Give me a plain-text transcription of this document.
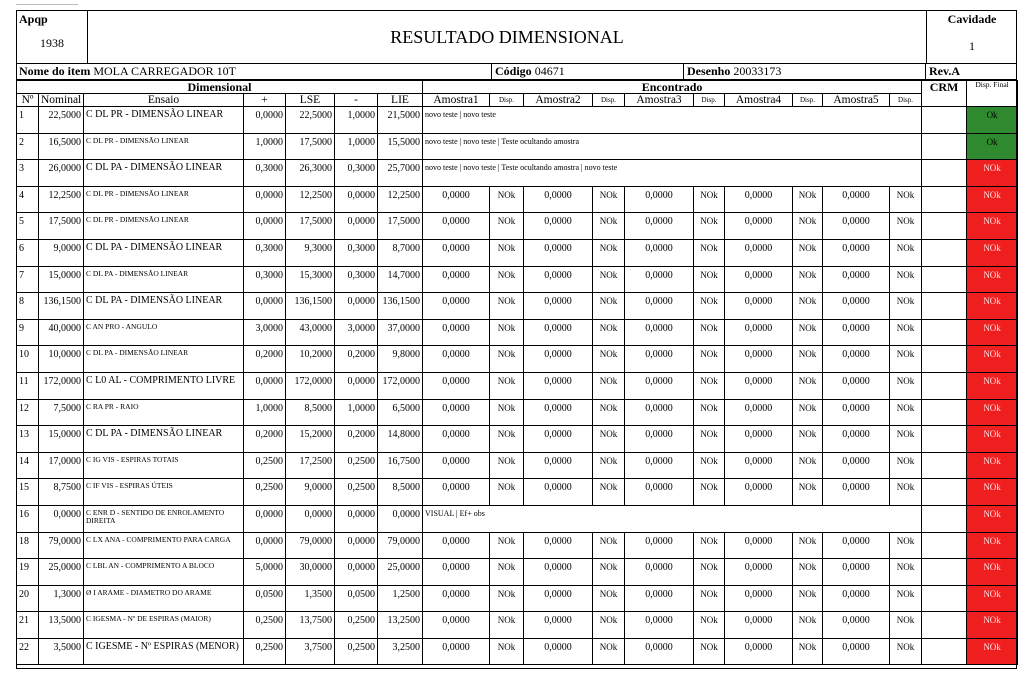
Apqp
1938	RESULTADO DIMENSIONAL
Cavidade
1
Nome do item MOLA CARREGADOR 10T	Código 04671	Desenho 20033173	Rev.A
Dimensional							Encontrado										CRM	Disp. Final
Nº	Nominal	Ensaio	+	LSE	-	LIE	Amostra1	Disp.	Amostra2	Disp.	Amostra3	Disp.	Amostra4	Disp.	Amostra5	Disp.		
1	22,5000	C DL PR - DIMENSÃO LINEAR	0,0000	22,5000	1,0000	21,5000	novo teste | novo teste											Ok
2	16,5000	C DL PR - DIMENSÃO LINEAR	1,0000	17,5000	1,0000	15,5000	novo teste | novo teste | Teste ocultando amostra											Ok
3	26,0000	C DL PA - DIMENSÃO LINEAR	0,3000	26,3000	0,3000	25,7000	novo teste | novo teste | Teste ocultando amostra | novo teste											NOk
4	12,2500	C DL PR - DIMENSÃO LINEAR	0,0000	12,2500	0,0000	12,2500	0,0000	NOk	0,0000	NOk	0,0000	NOk	0,0000	NOk	0,0000	NOk		NOk
5	17,5000	C DL PR - DIMENSÃO LINEAR	0,0000	17,5000	0,0000	17,5000	0,0000	NOk	0,0000	NOk	0,0000	NOk	0,0000	NOk	0,0000	NOk		NOk
6	9,0000	C DL PA - DIMENSÃO LINEAR	0,3000	9,3000	0,3000	8,7000	0,0000	NOk	0,0000	NOk	0,0000	NOk	0,0000	NOk	0,0000	NOk		NOk
7	15,0000	C DL PA - DIMENSÃO LINEAR	0,3000	15,3000	0,3000	14,7000	0,0000	NOk	0,0000	NOk	0,0000	NOk	0,0000	NOk	0,0000	NOk		NOk
8	136,1500	C DL PA - DIMENSÃO LINEAR	0,0000	136,1500	0,0000	136,1500	0,0000	NOk	0,0000	NOk	0,0000	NOk	0,0000	NOk	0,0000	NOk		NOk
9	40,0000	C AN PRO - ANGULO	3,0000	43,0000	3,0000	37,0000	0,0000	NOk	0,0000	NOk	0,0000	NOk	0,0000	NOk	0,0000	NOk		NOk
10	10,0000	C DL PA - DIMENSÃO LINEAR	0,2000	10,2000	0,2000	9,8000	0,0000	NOk	0,0000	NOk	0,0000	NOk	0,0000	NOk	0,0000	NOk		NOk
11	172,0000	C L0 AL - COMPRIMENTO LIVRE	0,0000	172,0000	0,0000	172,0000	0,0000	NOk	0,0000	NOk	0,0000	NOk	0,0000	NOk	0,0000	NOk		NOk
12	7,5000	C RA PR - RAIO	1,0000	8,5000	1,0000	6,5000	0,0000	NOk	0,0000	NOk	0,0000	NOk	0,0000	NOk	0,0000	NOk		NOk
13	15,0000	C DL PA - DIMENSÃO LINEAR	0,2000	15,2000	0,2000	14,8000	0,0000	NOk	0,0000	NOk	0,0000	NOk	0,0000	NOk	0,0000	NOk		NOk
14	17,0000	C IG VIS - ESPIRAS TOTAIS	0,2500	17,2500	0,2500	16,7500	0,0000	NOk	0,0000	NOk	0,0000	NOk	0,0000	NOk	0,0000	NOk		NOk
15	8,7500	C IF VIS - ESPIRAS ÚTEIS	0,2500	9,0000	0,2500	8,5000	0,0000	NOk	0,0000	NOk	0,0000	NOk	0,0000	NOk	0,0000	NOk		NOk
16	0,0000	C ENR D - SENTIDO DE ENROLAMENTO DIREITA	0,0000	0,0000	0,0000	0,0000	VISUAL | Ef+ obs											NOk
18	79,0000	C LX ANA - COMPRIMENTO PARA CARGA	0,0000	79,0000	0,0000	79,0000	0,0000	NOk	0,0000	NOk	0,0000	NOk	0,0000	NOk	0,0000	NOk		NOk
19	25,0000	C LBL AN - COMPRIMENTO A BLOCO	5,0000	30,0000	0,0000	25,0000	0,0000	NOk	0,0000	NOk	0,0000	NOk	0,0000	NOk	0,0000	NOk		NOk
20	1,3000	Ø I ARAME - DIAMETRO DO ARAME	0,0500	1,3500	0,0500	1,2500	0,0000	NOk	0,0000	NOk	0,0000	NOk	0,0000	NOk	0,0000	NOk		NOk
21	13,5000	C IGESMA - Nº DE ESPIRAS (MAIOR)	0,2500	13,7500	0,2500	13,2500	0,0000	NOk	0,0000	NOk	0,0000	NOk	0,0000	NOk	0,0000	NOk		NOk
22	3,5000	C IGESME - Nº ESPIRAS (MENOR)	0,2500	3,7500	0,2500	3,2500	0,0000	NOk	0,0000	NOk	0,0000	NOk	0,0000	NOk	0,0000	NOk		NOk
